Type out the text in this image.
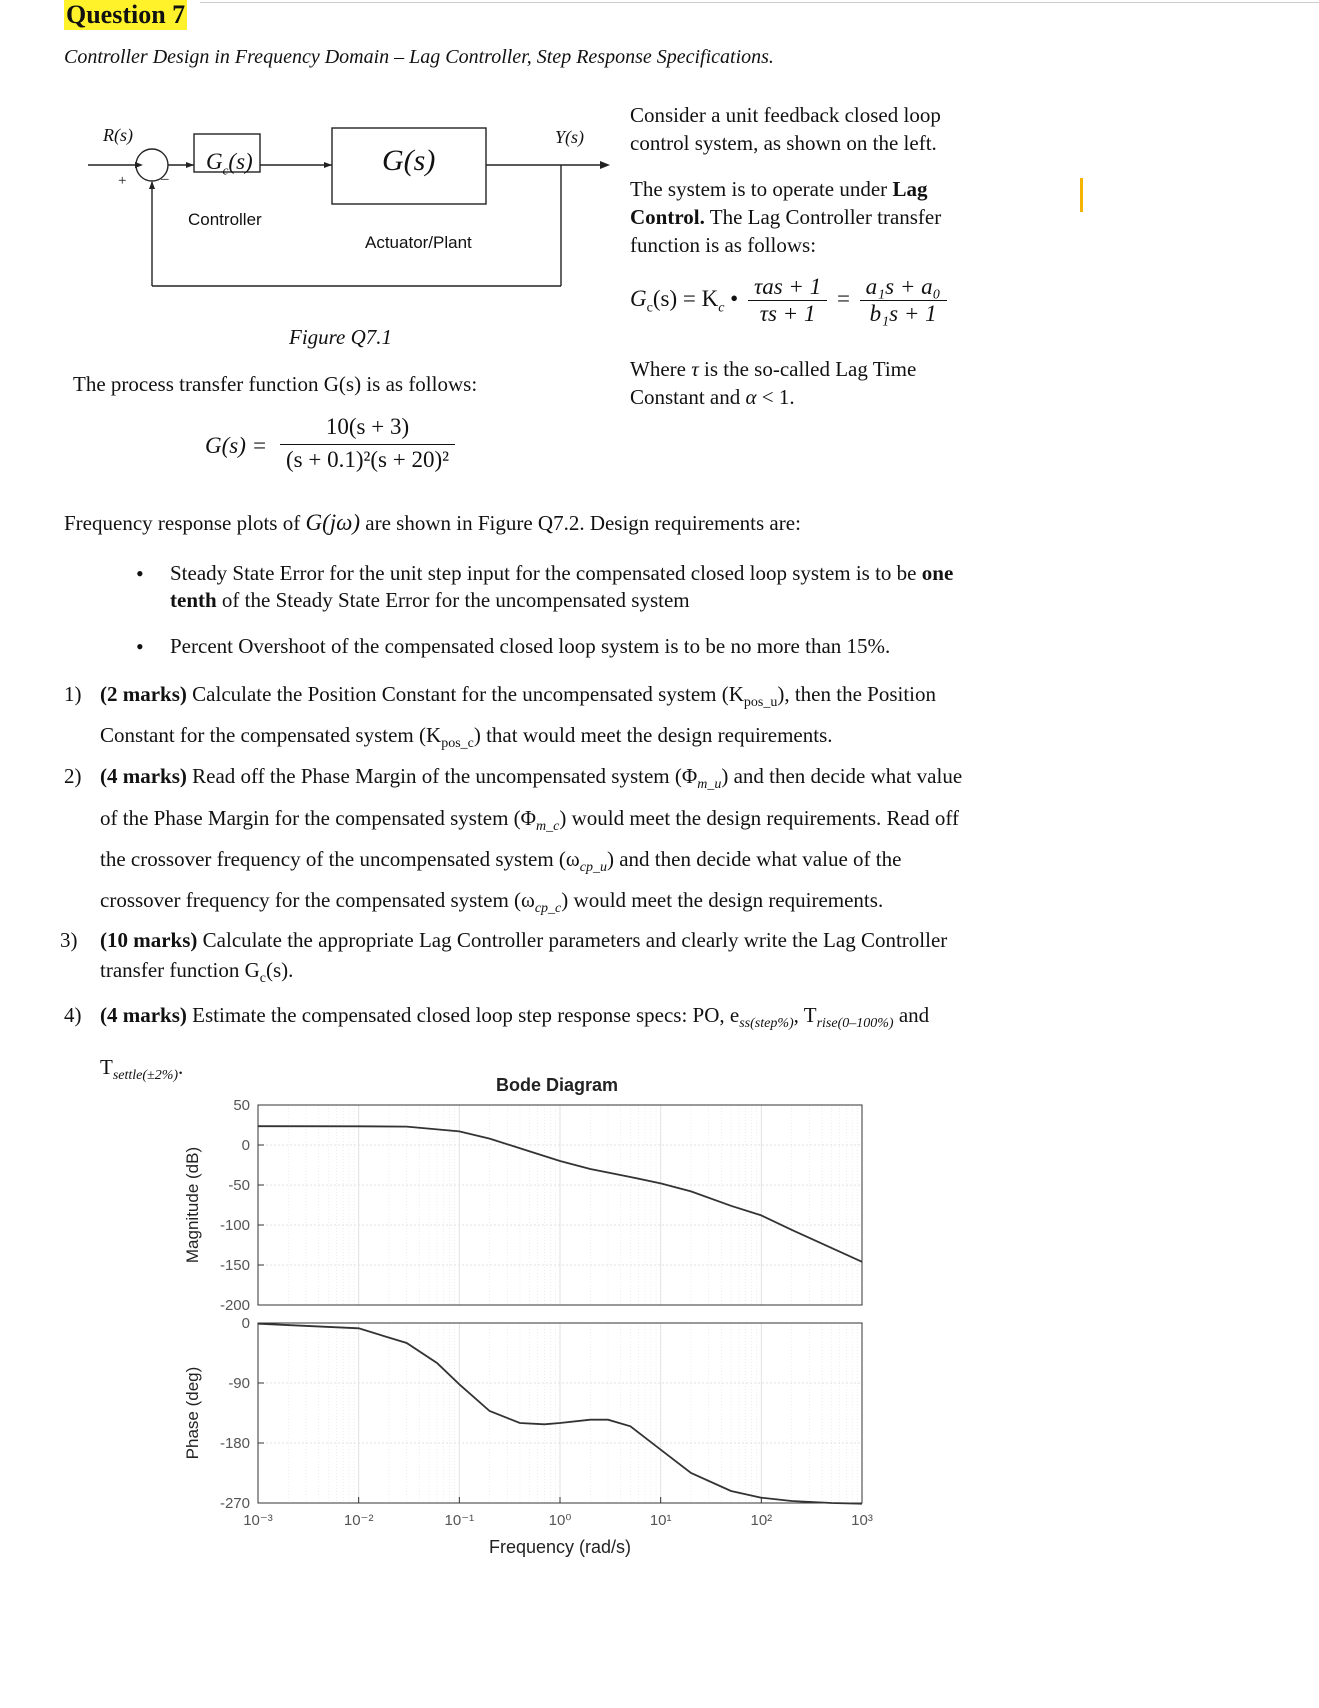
Question 7
Controller Design in Frequency Domain – Lag Controller, Step Response Specifications.
R(s)	Y(s)
+ –
$G_c(s)$	G(s)
Controller
Actuator/Plant
Figure Q7.1
Consider a unit feedback closed loop control system, as shown on the left.
The system is to operate under Lag Control. The Lag Controller transfer function is as follows:
$G_c(s) = K_c$ • $\frac{\text{τas + 1}}{\tau s + 1} = \frac{\text{a₁s + a₀}}{\text{b₁s + 1}}$
Where τ is the so-called Lag Time Constant and α < 1.
The process transfer function G(s) is as follows:
$G(s) = \frac{10(s + 3)}{\text{(s + 0.1)²(s + 20)²}}$
Frequency response plots of G(jω) are shown in Figure Q7.2. Design requirements are:
• Steady State Error for the unit step input for the compensated closed loop system is to be one tenth of the Steady State Error for the uncompensated system
• Percent Overshoot of the compensated closed loop system is to be no more than 15%.
1) (2 marks) Calculate the Position Constant for the uncompensated system $(K_{pos\_u})$, then the Position Constant for the compensated system $(K_{pos\_c})$ that would meet the design requirements.
2) (4 marks) Read off the Phase Margin of the uncompensated system $(\Phi_{m\_u})$ and then decide what value of the Phase Margin for the compensated system $(\Phi_{m\_c})$ would meet the design requirements. Read off the crossover frequency of the uncompensated system $(\omega_{cp\_u})$ and then decide what value of the crossover frequency for the compensated system $(\omega_{cp\_c})$ would meet the design requirements.
3) (10 marks) Calculate the appropriate Lag Controller parameters and clearly write the Lag Controller transfer function $G_c(s)$.
4) (4 marks) Estimate the compensated closed loop step response specs: PO, $e_{ss(step\%)}$, $T_{rise(0-100\%)}$ and $T_{settle(\pm 2\%)}$.
Bode Diagram
50
0
-50
-100
-150
-200
0
-90
-180
-270
10⁻³	10⁻²	10⁻¹	10⁰	10¹	10²	10³
Magnitude (dB)
Phase (deg)
Frequency (rad/s)
